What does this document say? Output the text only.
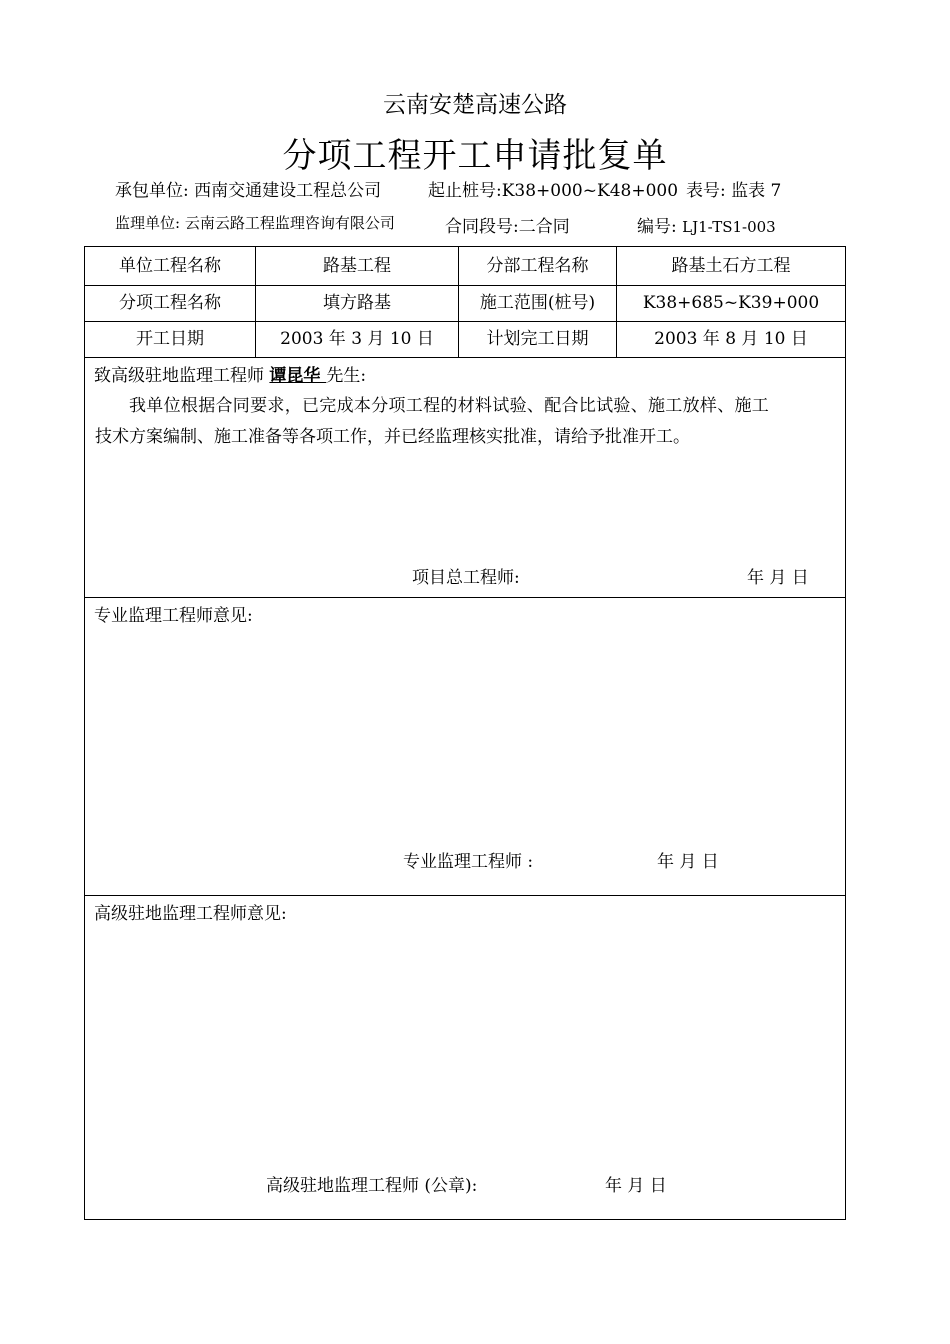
云南安楚高速公路
分项工程开工申请批复单
承包单位: 西南交通建设工程总公司	起止桩号:K38+000~K48+000 表号: 监表 7
监理单位: 云南云路工程监理咨询有限公司	合同段号:二合同	编号: LJ1-TS1-003
单位工程名称	路基工程	分部工程名称	路基土石方工程
分项工程名称	填方路基	施工范围(桩号)	K38+685~K39+000
开工日期	2003 年 3 月 10 日	计划完工日期	2003 年 8 月 10 日
致高级驻地监理工程师 谭昆华 先生:
我单位根据合同要求，已完成本分项工程的材料试验、配合比试验、施工放样、施工
技术方案编制、施工准备等各项工作，并已经监理核实批准，请给予批准开工。
项目总工程师:	年 月 日
专业监理工程师意见:
专业监理工程师 :	年 月 日
高级驻地监理工程师意见:
高级驻地监理工程师 (公章):	年 月 日
